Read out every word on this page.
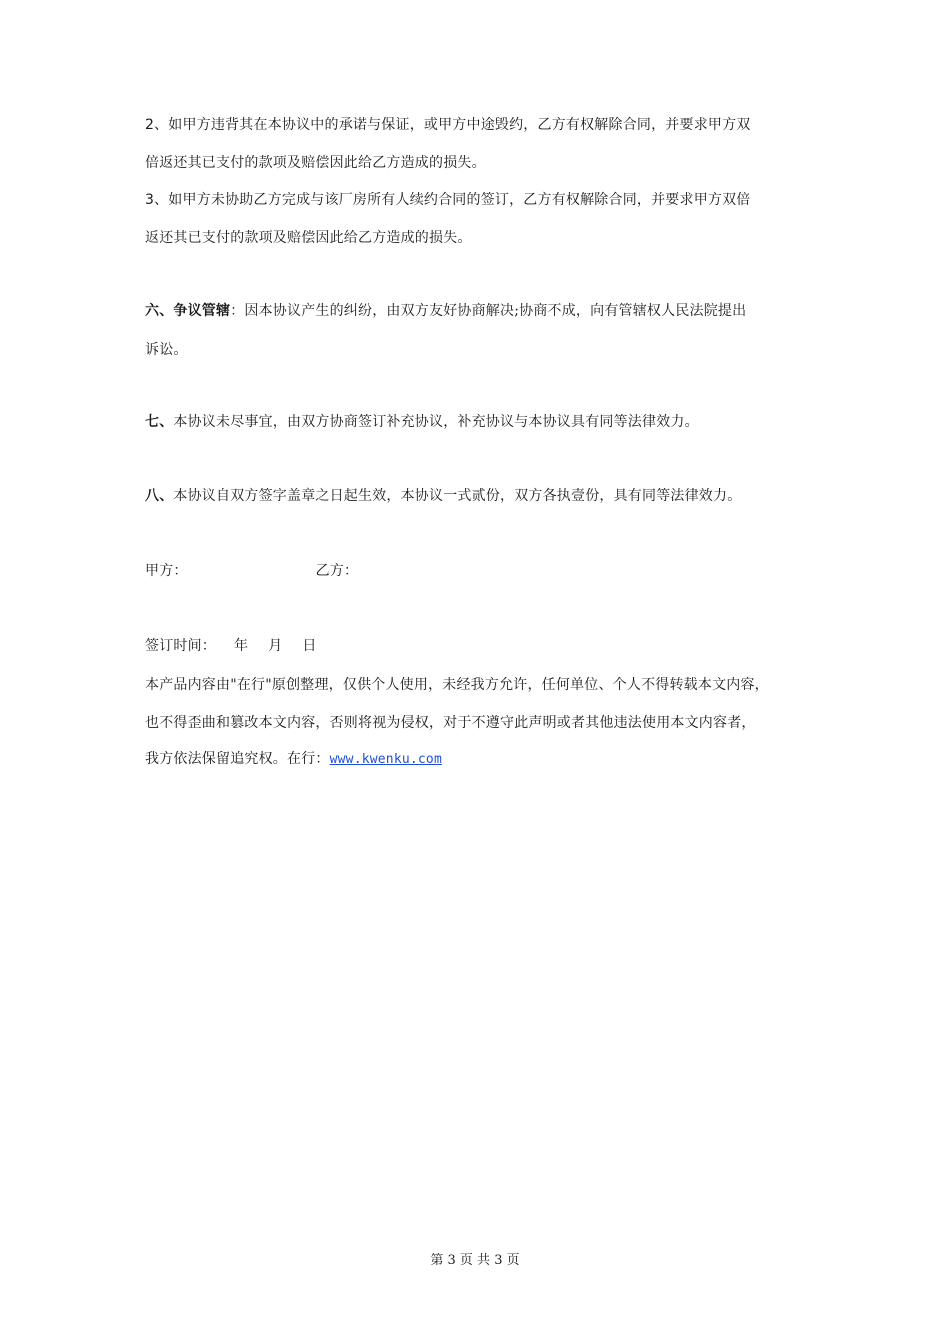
2、如甲方违背其在本协议中的承诺与保证，或甲方中途毁约，乙方有权解除合同，并要求甲方双
倍返还其已支付的款项及赔偿因此给乙方造成的损失。
3、如甲方未协助乙方完成与该厂房所有人续约合同的签订，乙方有权解除合同，并要求甲方双倍
返还其已支付的款项及赔偿因此给乙方造成的损失。
六、争议管辖：因本协议产生的纠纷，由双方友好协商解决;协商不成，向有管辖权人民法院提出
诉讼。
七、本协议未尽事宜，由双方协商签订补充协议，补充协议与本协议具有同等法律效力。
八、本协议自双方签字盖章之日起生效，本协议一式贰份，双方各执壹份，具有同等法律效力。
甲方：	乙方：
签订时间： 年 月 日
本产品内容由"在行"原创整理，仅供个人使用，未经我方允许，任何单位、个人不得转载本文内容，
也不得歪曲和篡改本文内容，否则将视为侵权，对于不遵守此声明或者其他违法使用本文内容者，
我方依法保留追究权。在行：www.kwenku.com
第 3 页 共 3 页
